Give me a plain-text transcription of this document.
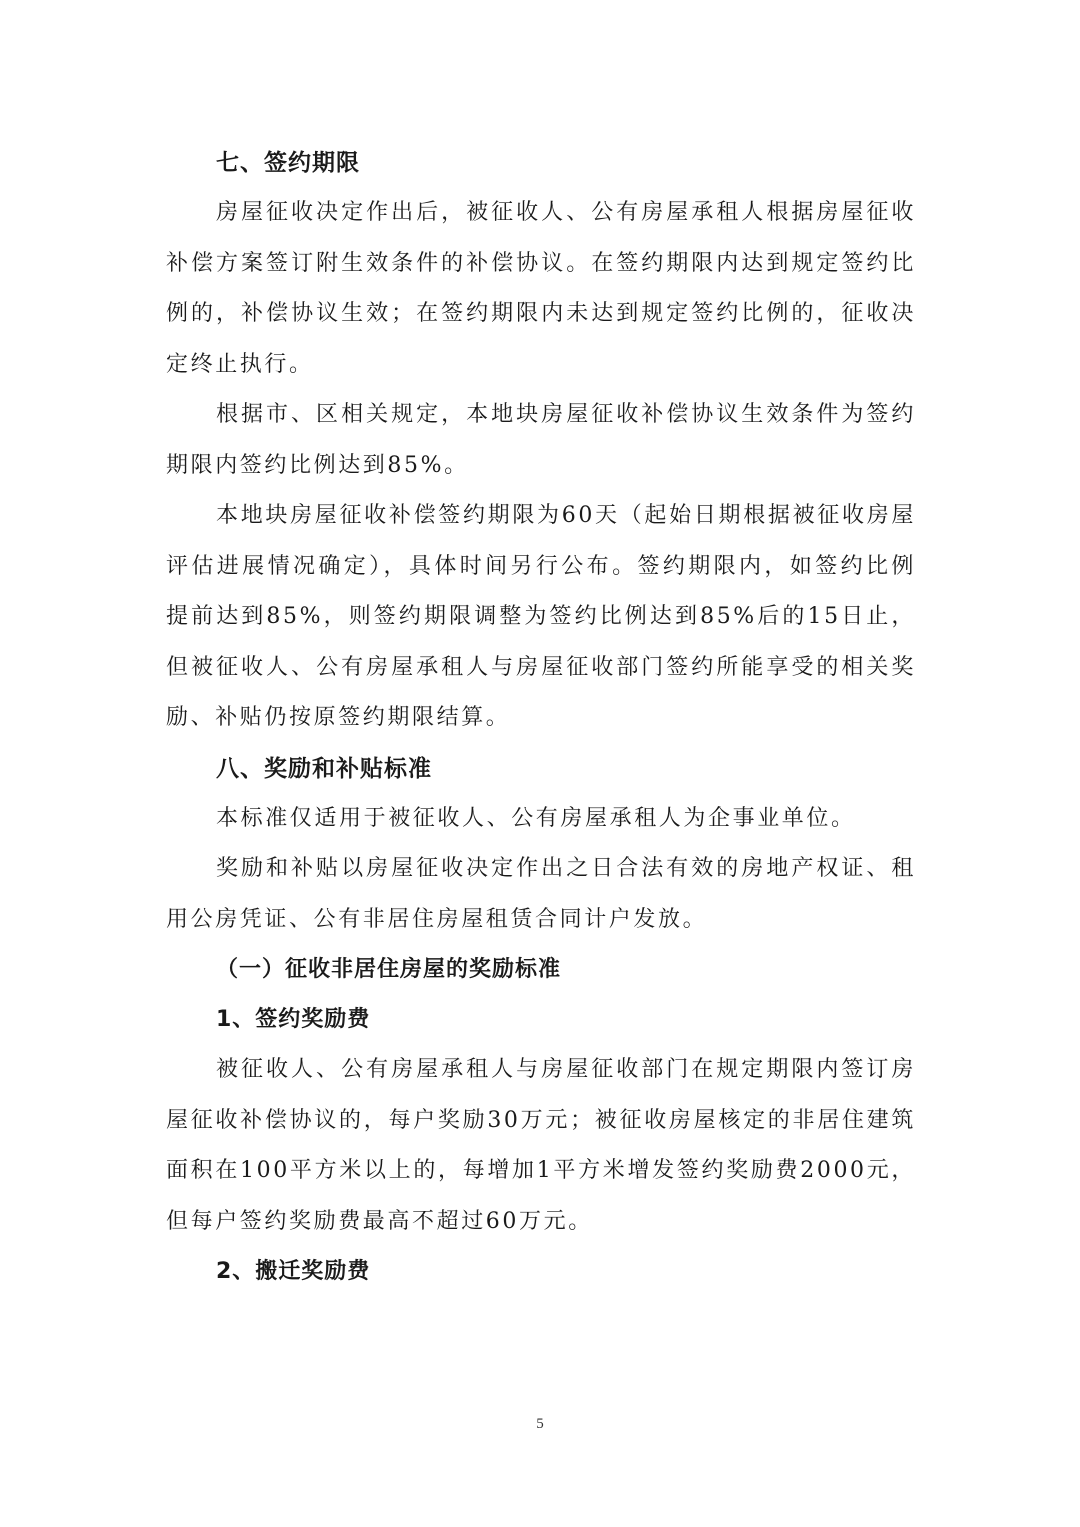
七、签约期限

房屋征收决定作出后，被征收人、公有房屋承租人根据房屋征收补偿方案签订附生效条件的补偿协议。在签约期限内达到规定签约比例的，补偿协议生效；在签约期限内未达到规定签约比例的，征收决定终止执行。

根据市、区相关规定，本地块房屋征收补偿协议生效条件为签约期限内签约比例达到85%。

本地块房屋征收补偿签约期限为60天（起始日期根据被征收房屋评估进展情况确定），具体时间另行公布。签约期限内，如签约比例提前达到85%，则签约期限调整为签约比例达到85%后的15日止，但被征收人、公有房屋承租人与房屋征收部门签约所能享受的相关奖励、补贴仍按原签约期限结算。

八、奖励和补贴标准

本标准仅适用于被征收人、公有房屋承租人为企事业单位。

奖励和补贴以房屋征收决定作出之日合法有效的房地产权证、租用公房凭证、公有非居住房屋租赁合同计户发放。

（一）征收非居住房屋的奖励标准
1、签约奖励费

被征收人、公有房屋承租人与房屋征收部门在规定期限内签订房屋征收补偿协议的，每户奖励30万元；被征收房屋核定的非居住建筑面积在100平方米以上的，每增加1平方米增发签约奖励费2000元，但每户签约奖励费最高不超过60万元。

2、搬迁奖励费
5
